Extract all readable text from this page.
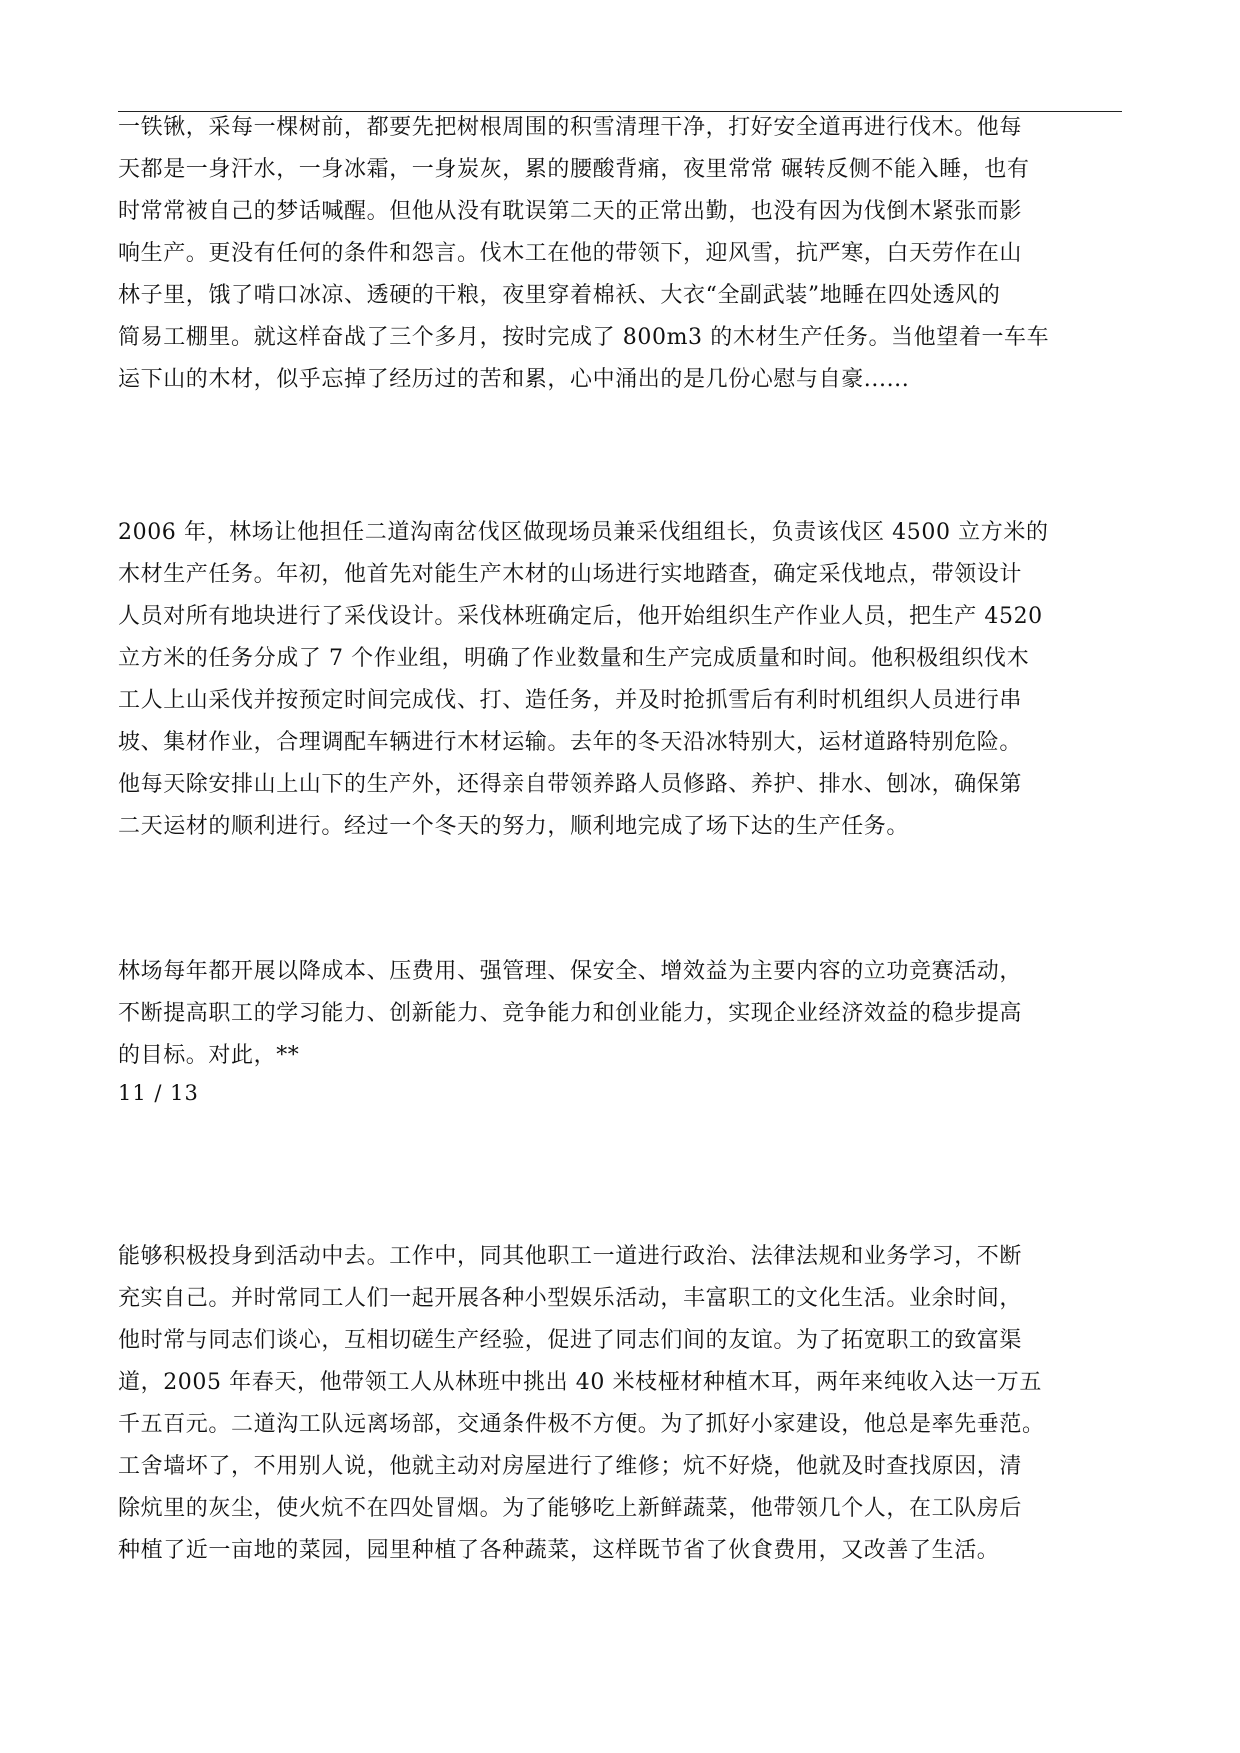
一铁锹，采每一棵树前，都要先把树根周围的积雪清理干净，打好安全道再进行伐木。他每
天都是一身汗水，一身冰霜，一身炭灰，累的腰酸背痛，夜里常常 碾转反侧不能入睡，也有
时常常被自己的梦话喊醒。但他从没有耽误第二天的正常出勤，也没有因为伐倒木紧张而影
响生产。更没有任何的条件和怨言。伐木工在他的带领下，迎风雪，抗严寒，白天劳作在山
林子里，饿了啃口冰凉、透硬的干粮，夜里穿着棉袄、大衣“全副武装”地睡在四处透风的
简易工棚里。就这样奋战了三个多月，按时完成了 800m3 的木材生产任务。当他望着一车车
运下山的木材，似乎忘掉了经历过的苦和累，心中涌出的是几份心慰与自豪......
2006 年，林场让他担任二道沟南岔伐区做现场员兼采伐组组长，负责该伐区 4500 立方米的
木材生产任务。年初，他首先对能生产木材的山场进行实地踏查，确定采伐地点，带领设计
人员对所有地块进行了采伐设计。采伐林班确定后，他开始组织生产作业人员，把生产 4520
立方米的任务分成了 7 个作业组，明确了作业数量和生产完成质量和时间。他积极组织伐木
工人上山采伐并按预定时间完成伐、打、造任务，并及时抢抓雪后有利时机组织人员进行串
坡、集材作业，合理调配车辆进行木材运输。去年的冬天沿冰特别大，运材道路特别危险。
他每天除安排山上山下的生产外，还得亲自带领养路人员修路、养护、排水、刨冰，确保第
二天运材的顺利进行。经过一个冬天的努力，顺利地完成了场下达的生产任务。
林场每年都开展以降成本、压费用、强管理、保安全、增效益为主要内容的立功竞赛活动，
不断提高职工的学习能力、创新能力、竞争能力和创业能力，实现企业经济效益的稳步提高
的目标。对此，**
11 / 13
能够积极投身到活动中去。工作中，同其他职工一道进行政治、法律法规和业务学习，不断
充实自己。并时常同工人们一起开展各种小型娱乐活动，丰富职工的文化生活。业余时间，
他时常与同志们谈心，互相切磋生产经验，促进了同志们间的友谊。为了拓宽职工的致富渠
道，2005 年春天，他带领工人从林班中挑出 40 米枝桠材种植木耳，两年来纯收入达一万五
千五百元。二道沟工队远离场部，交通条件极不方便。为了抓好小家建设，他总是率先垂范。
工舍墙坏了，不用别人说，他就主动对房屋进行了维修；炕不好烧，他就及时查找原因，清
除炕里的灰尘，使火炕不在四处冒烟。为了能够吃上新鲜蔬菜，他带领几个人，在工队房后
种植了近一亩地的菜园，园里种植了各种蔬菜，这样既节省了伙食费用，又改善了生活。
